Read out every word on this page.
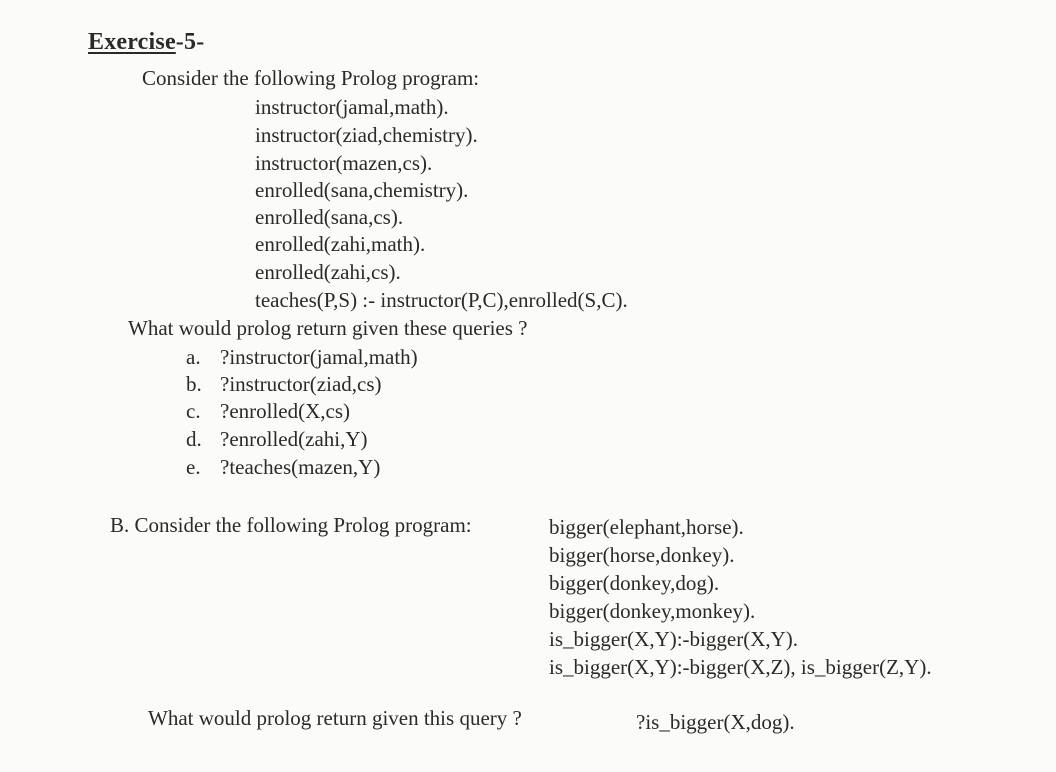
Exercise-5-
Consider the following Prolog program:
instructor(jamal,math).
instructor(ziad,chemistry).
instructor(mazen,cs).
enrolled(sana,chemistry).
enrolled(sana,cs).
enrolled(zahi,math).
enrolled(zahi,cs).
teaches(P,S) :- instructor(P,C),enrolled(S,C).
What would prolog return given these queries ?
a. ?instructor(jamal,math)
b. ?instructor(ziad,cs)
c. ?enrolled(X,cs)
d. ?enrolled(zahi,Y)
e. ?teaches(mazen,Y)
B. Consider the following Prolog program:	bigger(elephant,horse).
bigger(horse,donkey).
bigger(donkey,dog).
bigger(donkey,monkey).
is_bigger(X,Y):-bigger(X,Y).
is_bigger(X,Y):-bigger(X,Z), is_bigger(Z,Y).
What would prolog return given this query ?	?is_bigger(X,dog).
